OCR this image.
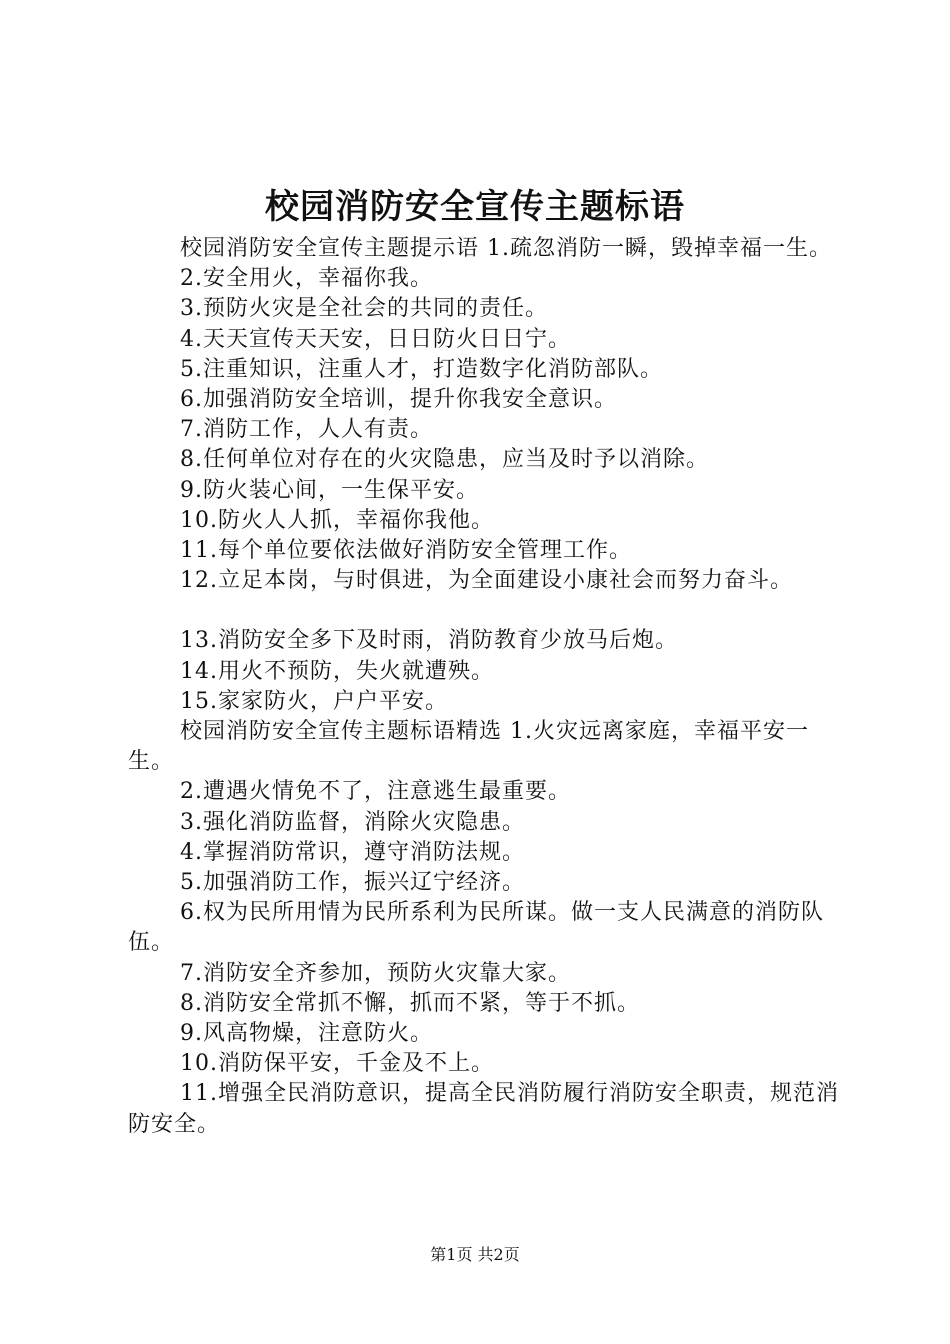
校园消防安全宣传主题标语

校园消防安全宣传主题提示语 1.疏忽消防一瞬，毁掉幸福一生。

2.安全用火，幸福你我。

3.预防火灾是全社会的共同的责任。

4.天天宣传天天安，日日防火日日宁。

5.注重知识，注重人才，打造数字化消防部队。

6.加强消防安全培训，提升你我安全意识。

7.消防工作，人人有责。

8.任何单位对存在的火灾隐患，应当及时予以消除。

9.防火装心间，一生保平安。

10.防火人人抓，幸福你我他。

11.每个单位要依法做好消防安全管理工作。

12.立足本岗，与时俱进，为全面建设小康社会而努力奋斗。

13.消防安全多下及时雨，消防教育少放马后炮。

14.用火不预防，失火就遭殃。

15.家家防火，户户平安。

校园消防安全宣传主题标语精选 1.火灾远离家庭，幸福平安一生。

2.遭遇火情免不了，注意逃生最重要。

3.强化消防监督，消除火灾隐患。

4.掌握消防常识，遵守消防法规。

5.加强消防工作，振兴辽宁经济。

6.权为民所用情为民所系利为民所谋。做一支人民满意的消防队伍。

7.消防安全齐参加，预防火灾靠大家。

8.消防安全常抓不懈，抓而不紧，等于不抓。

9.风高物燥，注意防火。

10.消防保平安，千金及不上。

11.增强全民消防意识，提高全民消防履行消防安全职责，规范消防安全。

第1页 共2页
